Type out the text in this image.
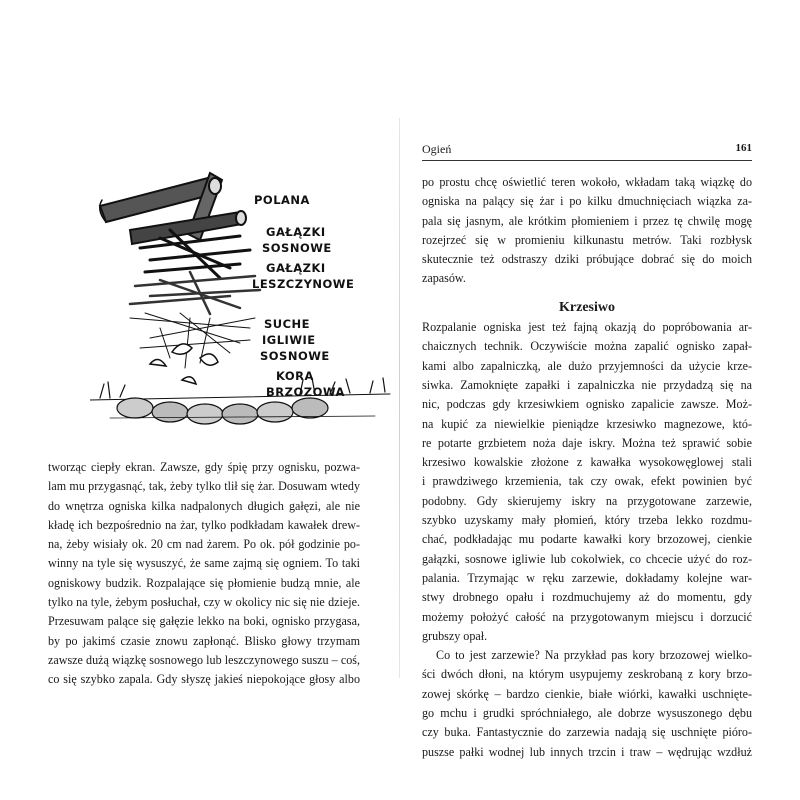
POLANA
GAŁĄZKI
SOSNOWE
GAŁĄZKI
LESZCZYNOWE
SUCHE
IGLIWIE
SOSNOWE
KORA
BRZOZOWA
tworząc ciepły ekran. Zawsze, gdy śpię przy ognisku, pozwa-
lam mu przygasnąć, tak, żeby tylko tlił się żar. Dosuwam wtedy
do wnętrza ogniska kilka nadpalonych długich gałęzi, ale nie
kładę ich bezpośrednio na żar, tylko podkładam kawałek drew-
na, żeby wisiały ok. 20 cm nad żarem. Po ok. pół godzinie po-
winny na tyle się wysuszyć, że same zajmą się ogniem. To taki
ogniskowy budzik. Rozpalające się płomienie budzą mnie, ale
tylko na tyle, żebym posłuchał, czy w okolicy nic się nie dzieje.
Przesuwam palące się gałęzie lekko na boki, ognisko przygasa,
by po jakimś czasie znowu zapłonąć. Blisko głowy trzymam
zawsze dużą wiązkę sosnowego lub leszczynowego suszu – coś,
co się szybko zapala. Gdy słyszę jakieś niepokojące głosy albo
Ogień	161
po prostu chcę oświetlić teren wokoło, wkładam taką wiązkę do
ogniska na palący się żar i po kilku dmuchnięciach wiązka za-
pala się jasnym, ale krótkim płomieniem i przez tę chwilę mogę
rozejrzeć się w promieniu kilkunastu metrów. Taki rozbłysk
skutecznie też odstraszy dziki próbujące dobrać się do moich
zapasów.
Krzesiwo
Rozpalanie ogniska jest też fajną okazją do popróbowania ar-
chaicznych technik. Oczywiście można zapalić ognisko zapał-
kami albo zapalniczką, ale dużo przyjemności da użycie krze-
siwka. Zamoknięte zapałki i zapalniczka nie przydadzą się na
nic, podczas gdy krzesiwkiem ognisko zapalicie zawsze. Moż-
na kupić za niewielkie pieniądze krzesiwko magnezowe, któ-
re potarte grzbietem noża daje iskry. Można też sprawić sobie
krzesiwo kowalskie złożone z kawałka wysokowęglowej stali
i prawdziwego krzemienia, tak czy owak, efekt powinien być
podobny. Gdy skierujemy iskry na przygotowane zarzewie,
szybko uzyskamy mały płomień, który trzeba lekko rozdmu-
chać, podkładając mu podarte kawałki kory brzozowej, cienkie
gałązki, sosnowe igliwie lub cokolwiek, co chcecie użyć do roz-
palania. Trzymając w ręku zarzewie, dokładamy kolejne war-
stwy drobnego opału i rozdmuchujemy aż do momentu, gdy
możemy położyć całość na przygotowanym miejscu i dorzucić
grubszy opał.
Co to jest zarzewie? Na przykład pas kory brzozowej wielko-
ści dwóch dłoni, na którym usypujemy zeskrobaną z kory brzo-
zowej skórkę – bardzo cienkie, białe wiórki, kawałki uschnięte-
go mchu i grudki spróchniałego, ale dobrze wysuszonego dębu
czy buka. Fantastycznie do zarzewia nadają się uschnięte pióro-
puszse pałki wodnej lub innych trzcin i traw – wędrując wzdłuż
